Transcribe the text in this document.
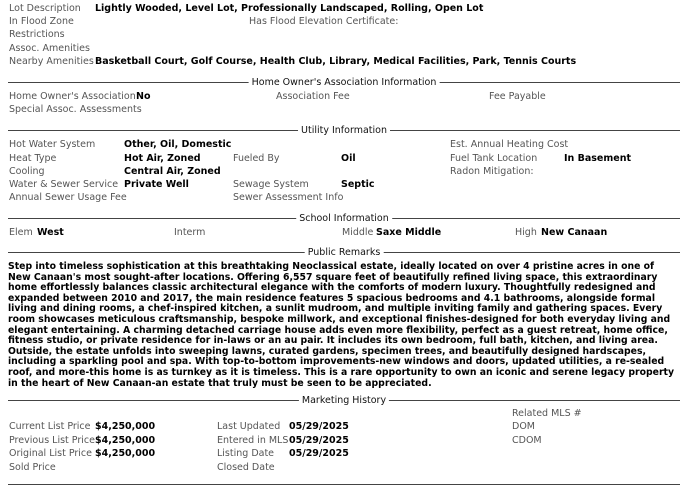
Lot Description Lightly Wooded, Level Lot, Professionally Landscaped, Rolling, Open Lot
In Flood Zone	Has Flood Elevation Certificate:
Restrictions
Assoc. Amenities
Nearby Amenities Basketball Court, Golf Course, Health Club, Library, Medical Facilities, Park, Tennis Courts
Home Owner's Association Information
Home Owner's Association No	Association Fee	Fee Payable
Special Assoc. Assessments
Utility Information
Hot Water System	Other, Oil, Domestic	Est. Annual Heating Cost
Heat Type	Hot Air, Zoned	Fueled By	Oil	Fuel Tank Location	In Basement
Cooling	Central Air, Zoned	Radon Mitigation:
Water & Sewer Service Private Well	Sewage System	Septic
Annual Sewer Usage Fee	Sewer Assessment Info
School Information
Elem West	Interm	Middle Saxe Middle	High New Canaan
Public Remarks
Step into timeless sophistication at this breathtaking Neoclassical estate, ideally located on over 4 pristine acres in one of New Canaan's most sought-after locations. Offering 6,557 square feet of beautifully refined living space, this extraordinary home effortlessly balances classic architectural elegance with the comforts of modern luxury. Thoughtfully redesigned and expanded between 2010 and 2017, the main residence features 5 spacious bedrooms and 4.1 bathrooms, alongside formal living and dining rooms, a chef-inspired kitchen, a sunlit mudroom, and multiple inviting family and gathering spaces. Every room showcases meticulous craftsmanship, bespoke millwork, and exceptional finishes-designed for both everyday living and elegant entertaining. A charming detached carriage house adds even more flexibility, perfect as a guest retreat, home office, fitness studio, or private residence for in-laws or an au pair. It includes its own bedroom, full bath, kitchen, and living area. Outside, the estate unfolds into sweeping lawns, curated gardens, specimen trees, and beautifully designed hardscapes, including a sparkling pool and spa. With top-to-bottom improvements-new windows and doors, updated utilities, a re-sealed roof, and more-this home is as turnkey as it is timeless. This is a rare opportunity to own an iconic and serene legacy property in the heart of New Canaan-an estate that truly must be seen to be appreciated.
Marketing History
Related MLS #
DOM
CDOM
Current List Price $4,250,000	Last Updated 05/29/2025
Previous List Price $4,250,000	Entered in MLS 05/29/2025
Original List Price $4,250,000	Listing Date 05/29/2025
Sold Price	Closed Date
